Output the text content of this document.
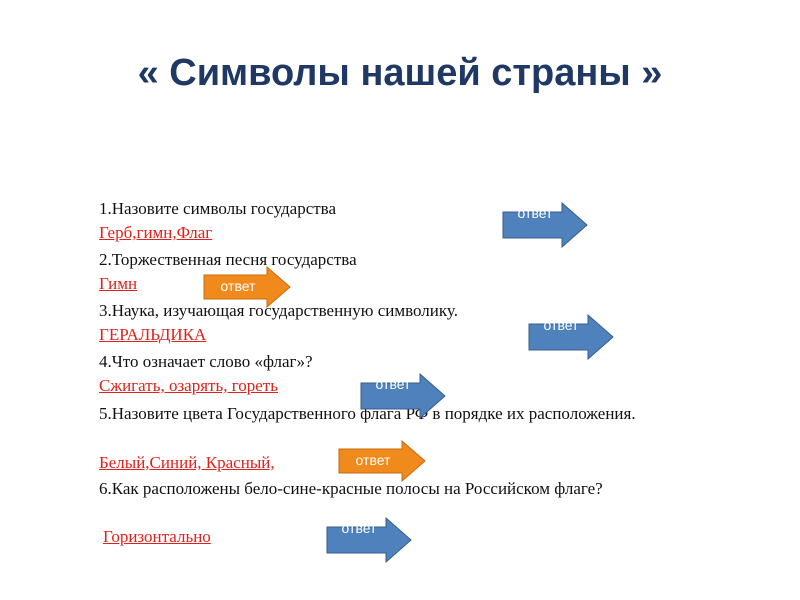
« Символы нашей страны »
1.Назовите символы государства
Герб,гимн,Флаг
2.Торжественная песня государства
Гимн
3.Наука, изучающая государственную символику.
ГЕРАЛЬДИКА
4.Что означает слово «флаг»?
Сжигать, озарять, гореть
5.Назовите цвета Государственного флага РФ в порядке их расположения.
Белый,Синий, Красный,
6.Как расположены бело-сине-красные полосы на Российском флаге?
Горизонтально
ответ
ответ
ответ
ответ
ответ
ответ
